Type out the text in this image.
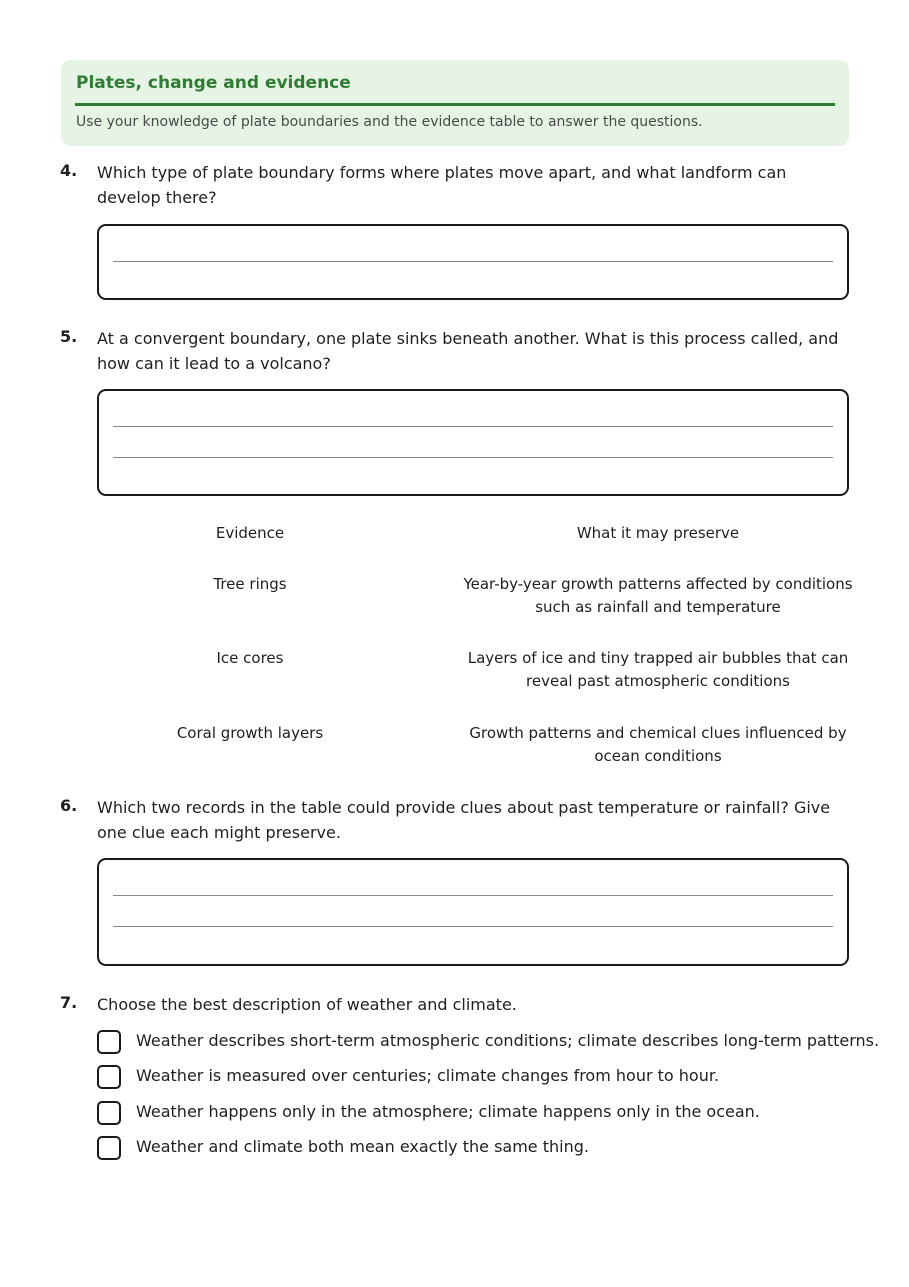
Plates, change and evidence
Use your knowledge of plate boundaries and the evidence table to answer the questions.
4. Which type of plate boundary forms where plates move apart, and what landform can develop there?
5. At a convergent boundary, one plate sinks beneath another. What is this process called, and how can it lead to a volcano?
Evidence	What it may preserve
Tree rings	Year-by-year growth patterns affected by conditions such as rainfall and temperature
Ice cores	Layers of ice and tiny trapped air bubbles that can reveal past atmospheric conditions
Coral growth layers	Growth patterns and chemical clues influenced by ocean conditions
6. Which two records in the table could provide clues about past temperature or rainfall? Give one clue each might preserve.
7. Choose the best description of weather and climate.
Weather describes short-term atmospheric conditions; climate describes long-term patterns.
Weather is measured over centuries; climate changes from hour to hour.
Weather happens only in the atmosphere; climate happens only in the ocean.
Weather and climate both mean exactly the same thing.
